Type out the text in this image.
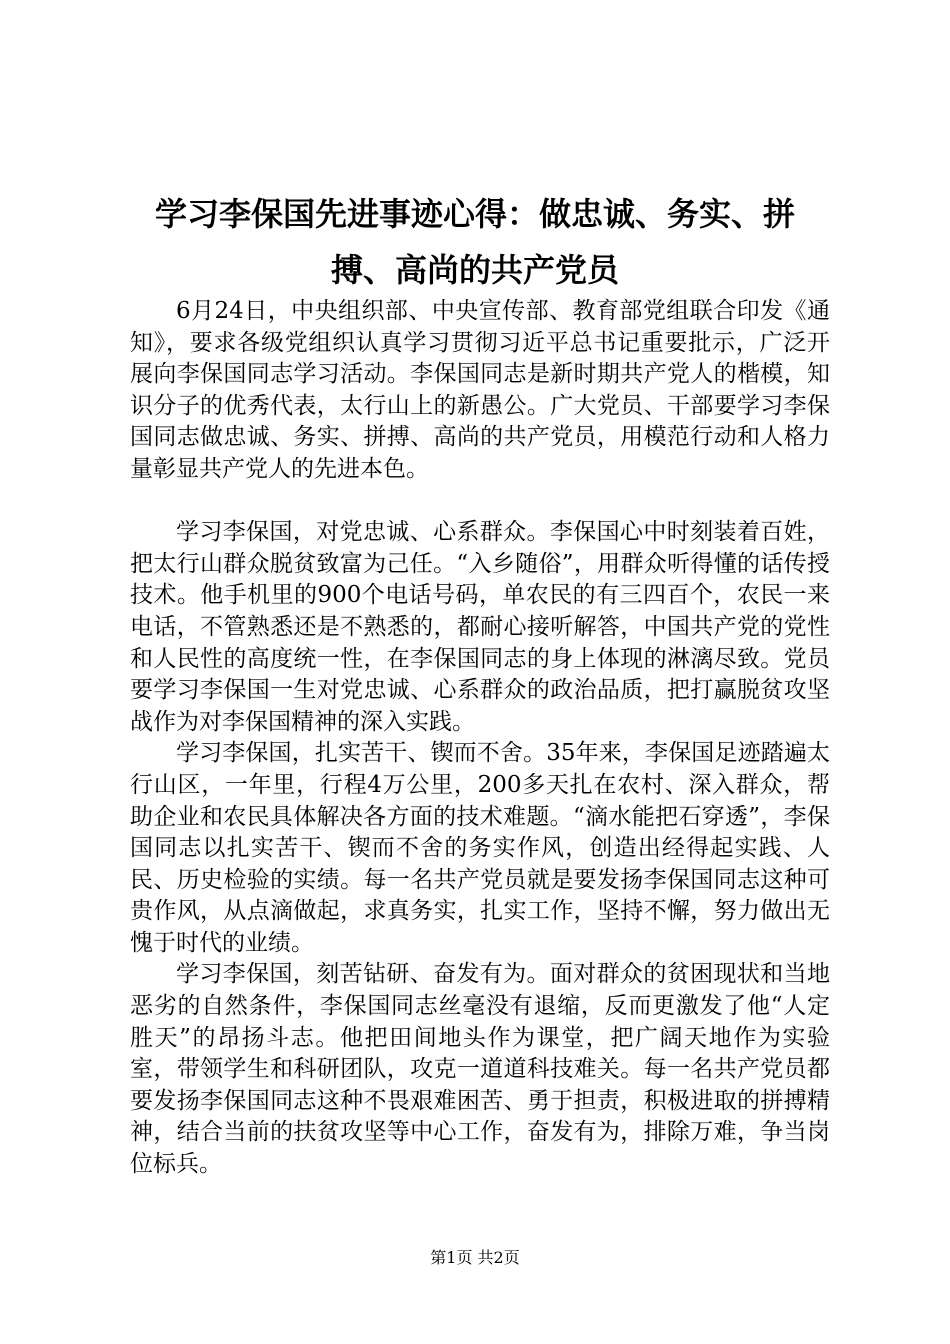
学习李保国先进事迹心得：做忠诚、务实、拼
搏、高尚的共产党员

6月24日，中央组织部、中央宣传部、教育部党组联合印发《通知》，要求各级党组织认真学习贯彻习近平总书记重要批示，广泛开展向李保国同志学习活动。李保国同志是新时期共产党人的楷模，知识分子的优秀代表，太行山上的新愚公。广大党员、干部要学习李保国同志做忠诚、务实、拼搏、高尚的共产党员，用模范行动和人格力量彰显共产党人的先进本色。

学习李保国，对党忠诚、心系群众。李保国心中时刻装着百姓，把太行山群众脱贫致富为己任。“入乡随俗”，用群众听得懂的话传授技术。他手机里的900个电话号码，单农民的有三四百个，农民一来电话，不管熟悉还是不熟悉的，都耐心接听解答，中国共产党的党性和人民性的高度统一性，在李保国同志的身上体现的淋漓尽致。党员要学习李保国一生对党忠诚、心系群众的政治品质，把打赢脱贫攻坚战作为对李保国精神的深入实践。

学习李保国，扎实苦干、锲而不舍。35年来，李保国足迹踏遍太行山区，一年里，行程4万公里，200多天扎在农村、深入群众，帮助企业和农民具体解决各方面的技术难题。“滴水能把石穿透”，李保国同志以扎实苦干、锲而不舍的务实作风，创造出经得起实践、人民、历史检验的实绩。每一名共产党员就是要发扬李保国同志这种可贵作风，从点滴做起，求真务实，扎实工作，坚持不懈，努力做出无愧于时代的业绩。

学习李保国，刻苦钻研、奋发有为。面对群众的贫困现状和当地恶劣的自然条件，李保国同志丝毫没有退缩，反而更激发了他“人定胜天”的昂扬斗志。他把田间地头作为课堂，把广阔天地作为实验室，带领学生和科研团队，攻克一道道科技难关。每一名共产党员都要发扬李保国同志这种不畏艰难困苦、勇于担责，积极进取的拼搏精神，结合当前的扶贫攻坚等中心工作，奋发有为，排除万难，争当岗位标兵。

第1页 共2页
